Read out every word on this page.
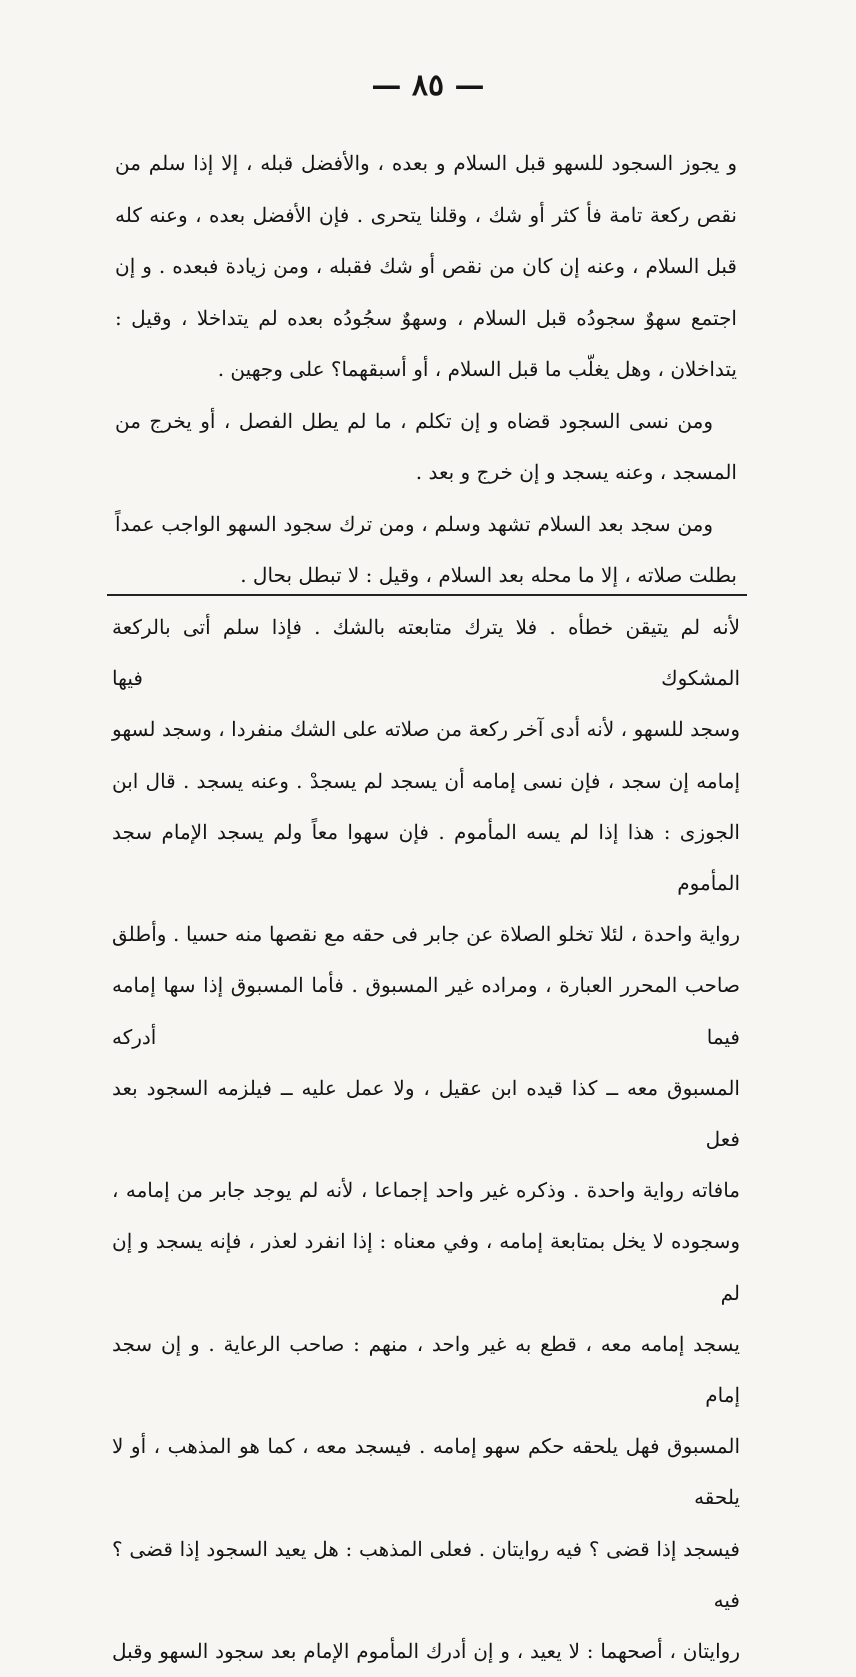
— ٨٥ —

و يجوز السجود للسهو قبل السلام و بعده ، والأفضل قبله ، إلا إذا سلم من

نقص ركعة تامة فأ كثر أو شك ، وقلنا يتحرى . فإن الأفضل بعده ، وعنه كله

قبل السلام ، وعنه إن كان من نقص أو شك فقبله ، ومن زيادة فبعده . و إن

اجتمع سهوٌ سجودُه قبل السلام ، وسهوٌ سجُودُه بعده لم يتداخلا ، وقيل :

يتداخلان ، وهل يغلّب ما قبل السلام ، أو أسبقهما؟ على وجهين .

ومن نسى السجود قضاه و إن تكلم ، ما لم يطل الفصل ، أو يخرج من

المسجد ، وعنه يسجد و إن خرج و بعد .

ومن سجد بعد السلام تشهد وسلم ، ومن ترك سجود السهو الواجب عمداً

بطلت صلاته ، إلا ما محله بعد السلام ، وقيل : لا تبطل بحال .

لأنه لم يتيقن خطأه . فلا يترك متابعته بالشك . فإذا سلم أتى بالركعة المشكوك فيها

وسجد للسهو ، لأنه أدى آخر ركعة من صلاته على الشك منفردا ، وسجد لسهو

إمامه إن سجد ، فإن نسى إمامه أن يسجد لم يسجدْ . وعنه يسجد . قال ابن

الجوزى : هذا إذا لم يسه المأموم . فإن سهوا معاً ولم يسجد الإمام سجد المأموم

رواية واحدة ، لئلا تخلو الصلاة عن جابر فى حقه مع نقصها منه حسيا . وأطلق

صاحب المحرر العبارة ، ومراده غير المسبوق . فأما المسبوق إذا سها إمامه فيما أدركه

المسبوق معه ــ كذا قيده ابن عقيل ، ولا عمل عليه ــ فيلزمه السجود بعد فعل

مافاته رواية واحدة . وذكره غير واحد إجماعا ، لأنه لم يوجد جابر من إمامه ،

وسجوده لا يخل بمتابعة إمامه ، وفي معناه : إذا انفرد لعذر ، فإنه يسجد و إن لم

يسجد إمامه معه ، قطع به غير واحد ، منهم : صاحب الرعاية . و إن سجد إمام

المسبوق فهل يلحقه حكم سهو إمامه . فيسجد معه ، كما هو المذهب ، أو لا يلحقه

فيسجد إذا قضى ؟ فيه روايتان . فعلى المذهب : هل يعيد السجود إذا قضى ؟ فيه

روايتان ، أصحهما : لا يعيد ، و إن أدرك المأموم الإمام بعد سجود السهو وقبل
